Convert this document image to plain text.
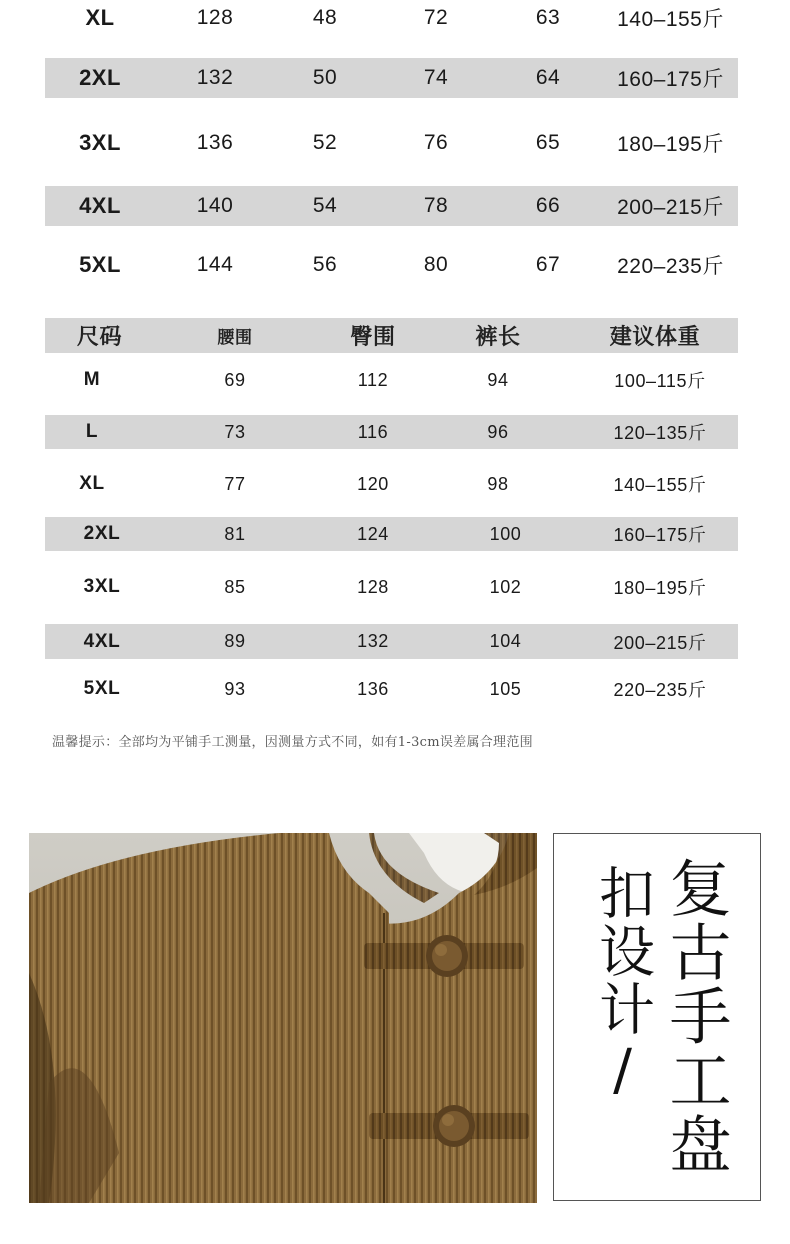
XL	128	48	72	63	140–155斤
2XL	132	50	74	64	160–175斤
3XL	136	52	76	65	180–195斤
4XL	140	54	78	66	200–215斤
5XL	144	56	80	67	220–235斤
尺码	腰围	臀围	裤长	建议体重
M	69	112	94	100–115斤
L	73	116	96	120–135斤
XL	77	120	98	140–155斤
2XL	81	124	100	160–175斤
3XL	85	128	102	180–195斤
4XL	89	132	104	200–215斤
5XL	93	136	105	220–235斤
温馨提示：全部均为平铺手工测量，因测量方式不同，如有1-3cm误差属合理范围
复古手工盘
扣设计/
